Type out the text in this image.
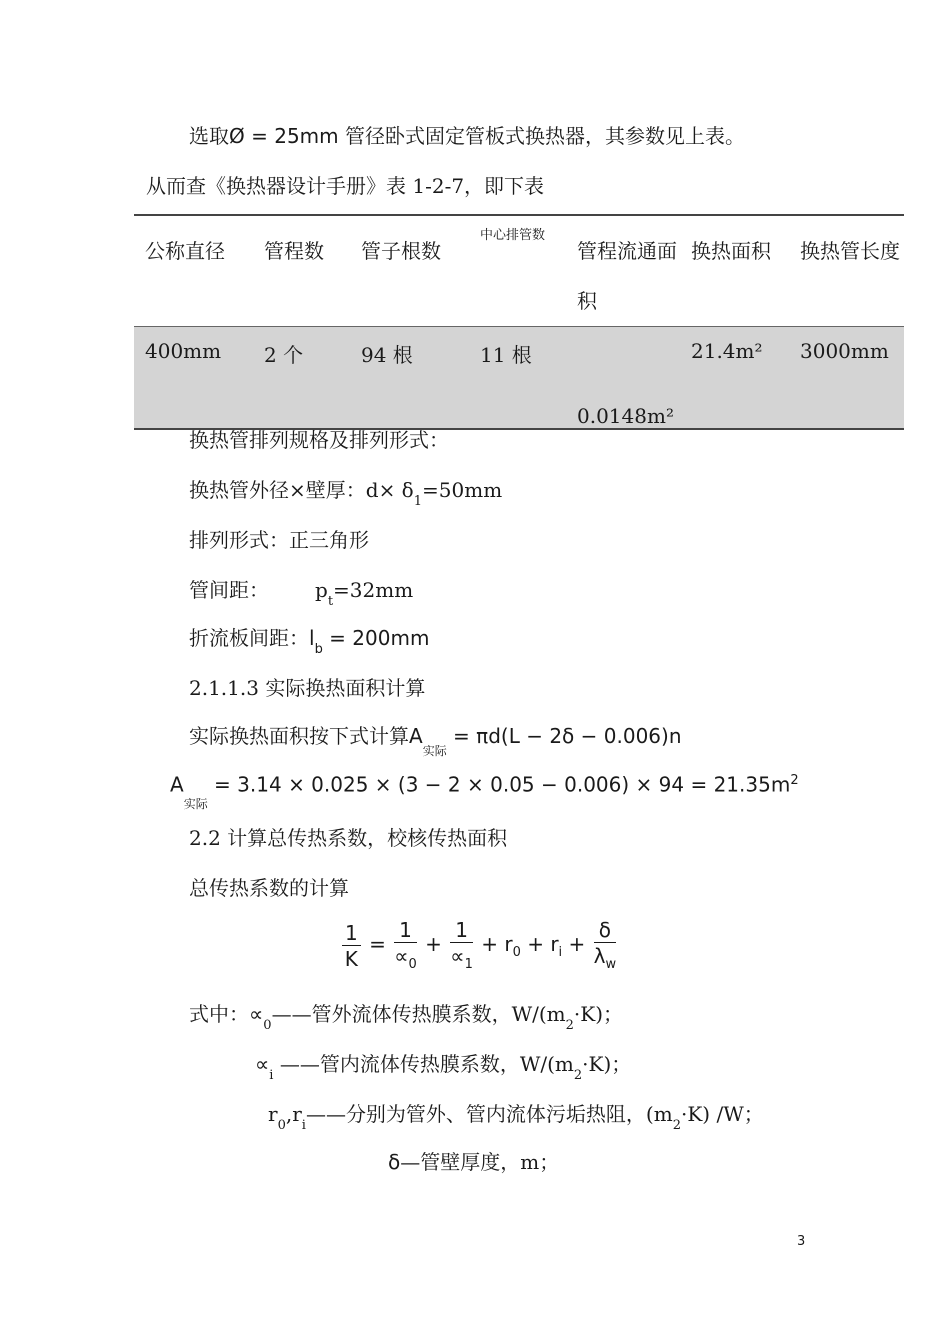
选取Ø = 25mm 管径卧式固定管板式换热器，其参数见上表。
从而查《换热器设计手册》表 1-2-7，即下表
公称直径	管程数	管子根数	中心排管数	管程流通面积	换热面积	换热管长度
400mm	2 个	94 根	11 根	0.0148m²	21.4m²	3000mm
换热管排列规格及排列形式：
换热管外径×壁厚：$d\times \delta_1=50mm$
排列形式：正三角形
管间距： $p_t=32mm$
折流板间距：$l_b = 200mm$
2.1.1.3 实际换热面积计算
实际换热面积按下式计算$A_{实际} = \pi d(L - 2\delta - 0.006)n$
$A_{实际} = 3.14 \times 0.025 \times (3 - 2 \times 0.05 - 0.006) \times 94 = 21.35m^2$
2.2 计算总传热系数，校核传热面积
总传热系数的计算
$\frac{1}{K} = \frac{1}{\propto_0} + \frac{1}{\propto_1} + r_0 + r_i + \frac{\delta}{\lambda_w}$
式中：$\propto_0——$管外流体传热膜系数，$W/(m_2\cdot K)$；
$\propto_i$ ——管内流体传热膜系数，$W/(m_2\cdot K)$；
$r_0,r_i——$分别为管外、管内流体污垢热阻，$(m_2\cdot K)$ /W；
δ—管壁厚度，m；
3
